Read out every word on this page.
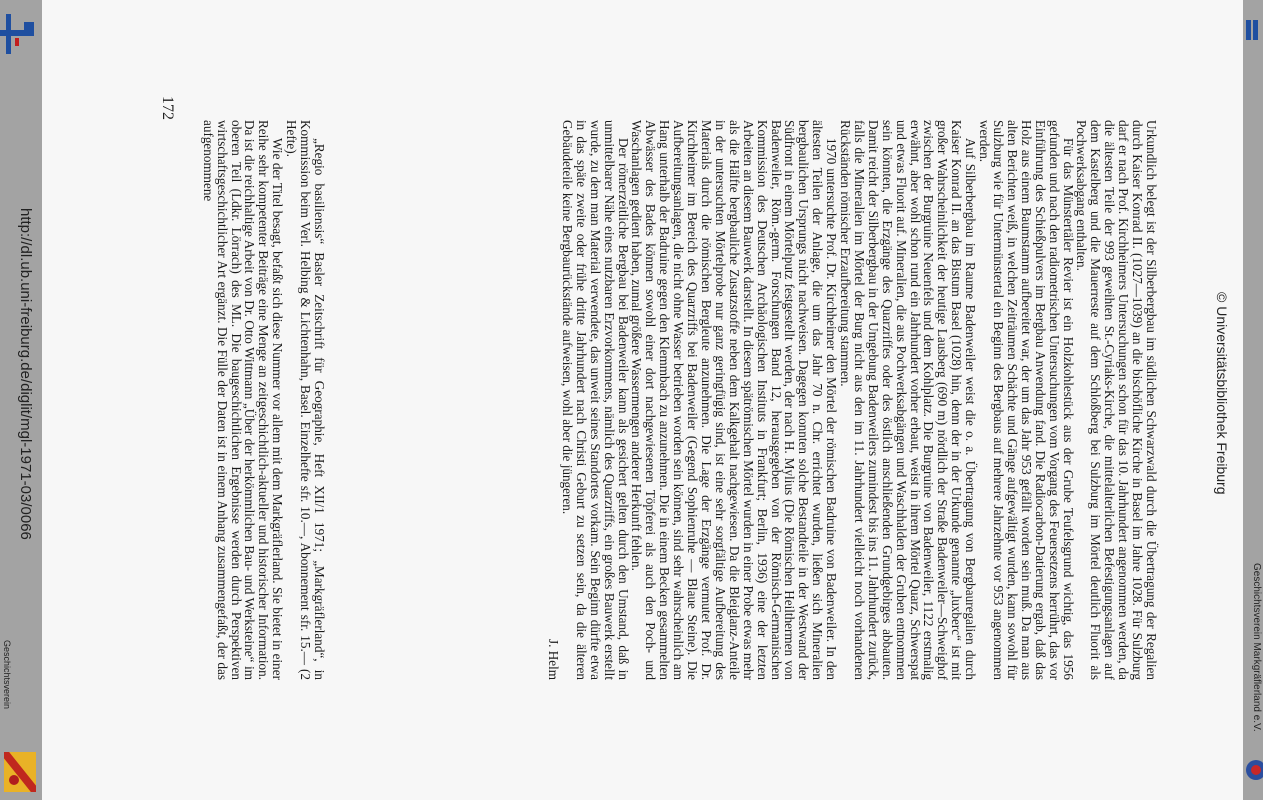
© Universitätsbibliothek Freiburg
Geschichtsverein Markgräflerland e.V.
http://dl.ub.uni-freiburg.de/diglit/mgl-1971-03/0066
Geschichtsverein
172

Urkundlich belegt ist der Silberbergbau im südlichen Schwarzwald durch die Übertragung der Regalien durch Kaiser Konrad II. (1027—1039) an die bischöfliche Kirche in Basel im Jahre 1028. Für Sulzburg darf er nach Prof. Kirchheimers Untersuchungen schon für das 10. Jahrhundert angenommen werden, da die ältesten Teile der 993 geweihten St.-Cyriaks-Kirche, die mittelalterlichen Befestigungsanlagen auf dem Kastelberg und die Mauerreste auf dem Schloßberg bei Sulzburg im Mörtel deutlich Fluorit als Pochwerksabgang enthalten.

Für das Münstertäler Revier ist ein Holzkohlestück aus der Grube Teufelsgrund wichtig, das 1956 gefunden und nach den radiometrischen Untersuchungen vom Vorgang des Feuersetzens herrührt, das vor Einführung des Schießpulvers im Bergbau Anwendung fand. Die Radiocarbon-Datierung ergab, daß das Holz aus einem Baumstamm aufbereitet war, der um das Jahr 953 gefällt worden sein muß. Da man aus alten Berichten weiß, in welchen Zeiträumen Schächte und Gänge aufgewältigt wurden, kann sowohl für Sulzburg wie für Untermünstertal ein Beginn des Bergbaus auf mehrere Jahrzehnte vor 953 angenommen werden.

Auf Silberbergbau im Raume Badenweiler weist die o. a. Übertragung von Bergbauregalien durch Kaiser Konrad II. an das Bistum Basel (1028) hin, denn der in der Urkunde genannte „luxberc“ ist mit großer Wahrscheinlichkeit der heutige Lausberg (690 m) nördlich der Straße Badenweiler—Schweighof zwischen der Burgruine Neuenfels und dem Kohlplatz. Die Burgruine von Badenweiler, 1122 erstmalig erwähnt, aber wohl schon rund ein Jahrhundert vorher erbaut, weist in ihrem Mörtel Quarz, Schwerspat und etwas Fluorit auf. Mineralien, die aus Pochwerksabgängen und Waschhalden der Gruben entnommen sein könnten, die Erzgänge des Quarzriffes oder des östlich anschließenden Grundgebirges abbauten. Damit reicht der Silberbergbau in der Umgebung Badenweilers zumindest bis ins 11. Jahrhundert zurück, falls die Mineralien im Mörtel der Burg nicht aus den im 11. Jahrhundert vielleicht noch vorhandenen Rückständen römischer Erzaufbereitung stammen.

1970 untersuchte Prof. Dr. Kirchheimer den Mörtel der römischen Badruine von Badenweiler. In den ältesten Teilen der Anlage, die um das Jahr 70 n. Chr. errichtet wurden, ließen sich Mineralien bergbaulichen Ursprungs nicht nachweisen. Dagegen konnten solche Bestandteile in der Westwand der Südfront in einem Mörtelputz festgestellt werden, der nach H. Mylius (Die Römischen Heilthermen von Badenweiler, Röm.-germ. Forschungen Band 12, herausgegeben von der Römisch-Germanischen Kommission des Deutschen Archäologischen Instituts in Frankfurt; Berlin, 1936) eine der letzten Arbeiten an diesem Bauwerk darstellt. In diesem spätrömischen Mörtel wurden in einer Probe etwas mehr als die Hälfte bergbauliche Zusatzstoffe neben dem Kalkgehalt nachgewiesen. Da die Bleiglanz-Anteile in der untersuchten Mörtelprobe nur ganz geringfügig sind, ist eine sehr sorgfältige Aufbereitung des Materials durch die römischen Bergleute anzunehmen. Die Lage der Erzgänge vermutet Prof. Dr. Kirchheimer im Bereich des Quarzriffs bei Badenweiler (Gegend Sophienruhe — Blaue Steine). Die Aufbereitungsanlagen, die nicht ohne Wasser betrieben worden sein können, sind sehr wahrscheinlich am Hang unterhalb der Badruine gegen den Klemmbach zu anzunehmen. Die in einem Becken gesammelten Abwässer des Bades können sowohl einer dort nachgewiesenen Töpferei als auch den Poch- und Waschanlagen gedient haben, zumal größere Wassermengen anderer Herkunft fehlen.

Der römerzeitliche Bergbau bei Badenweiler kann als gesichert gelten durch den Umstand, daß in unmittelbarer Nähe eines nutzbaren Erzvorkommens, nämlich des Quarzriffs, ein großes Bauwerk erstellt wurde, zu dem man Material verwendete, das unweit seines Standortes vorkam. Sein Beginn dürfte etwa in das späte zweite oder frühe dritte Jahrhundert nach Christi Geburt zu setzen sein, da die älteren Gebäudeteile keine Bergbaurückstände aufweisen, wohl aber die jüngeren.

J. Helm

„Regio basiliensis“ Basler Zeitschrift für Geographie, Heft XII/1 1971; „Markgräflerland“, in Kommission beim Verl. Helbing & Lichtenhahn, Basel. Einzelhefte sfr. 10.—, Abonnement sfr. 15.— (2 Hefte).

Wie der Titel besagt, befaßt sich diese Nummer vor allem mit dem Markgräflerland. Sie bietet in einer Reihe sehr kompetenter Beiträge eine Menge an zeitgeschichtlich-aktueller und historischer Information. Da ist die reichhaltige Arbeit von Dr. Otto Wittmann „Über der herkömmlichen Bau- und Werksteine“ im oberen Teil (Ldkr. Lörrach) des ML. Die baugeschichtlichen Ergebnisse werden durch Perspektiven wirtschaftsgeschichtlicher Art ergänzt. Die Fülle der Daten ist in einem Anhang zusammengefaßt, der das aufgenommene
